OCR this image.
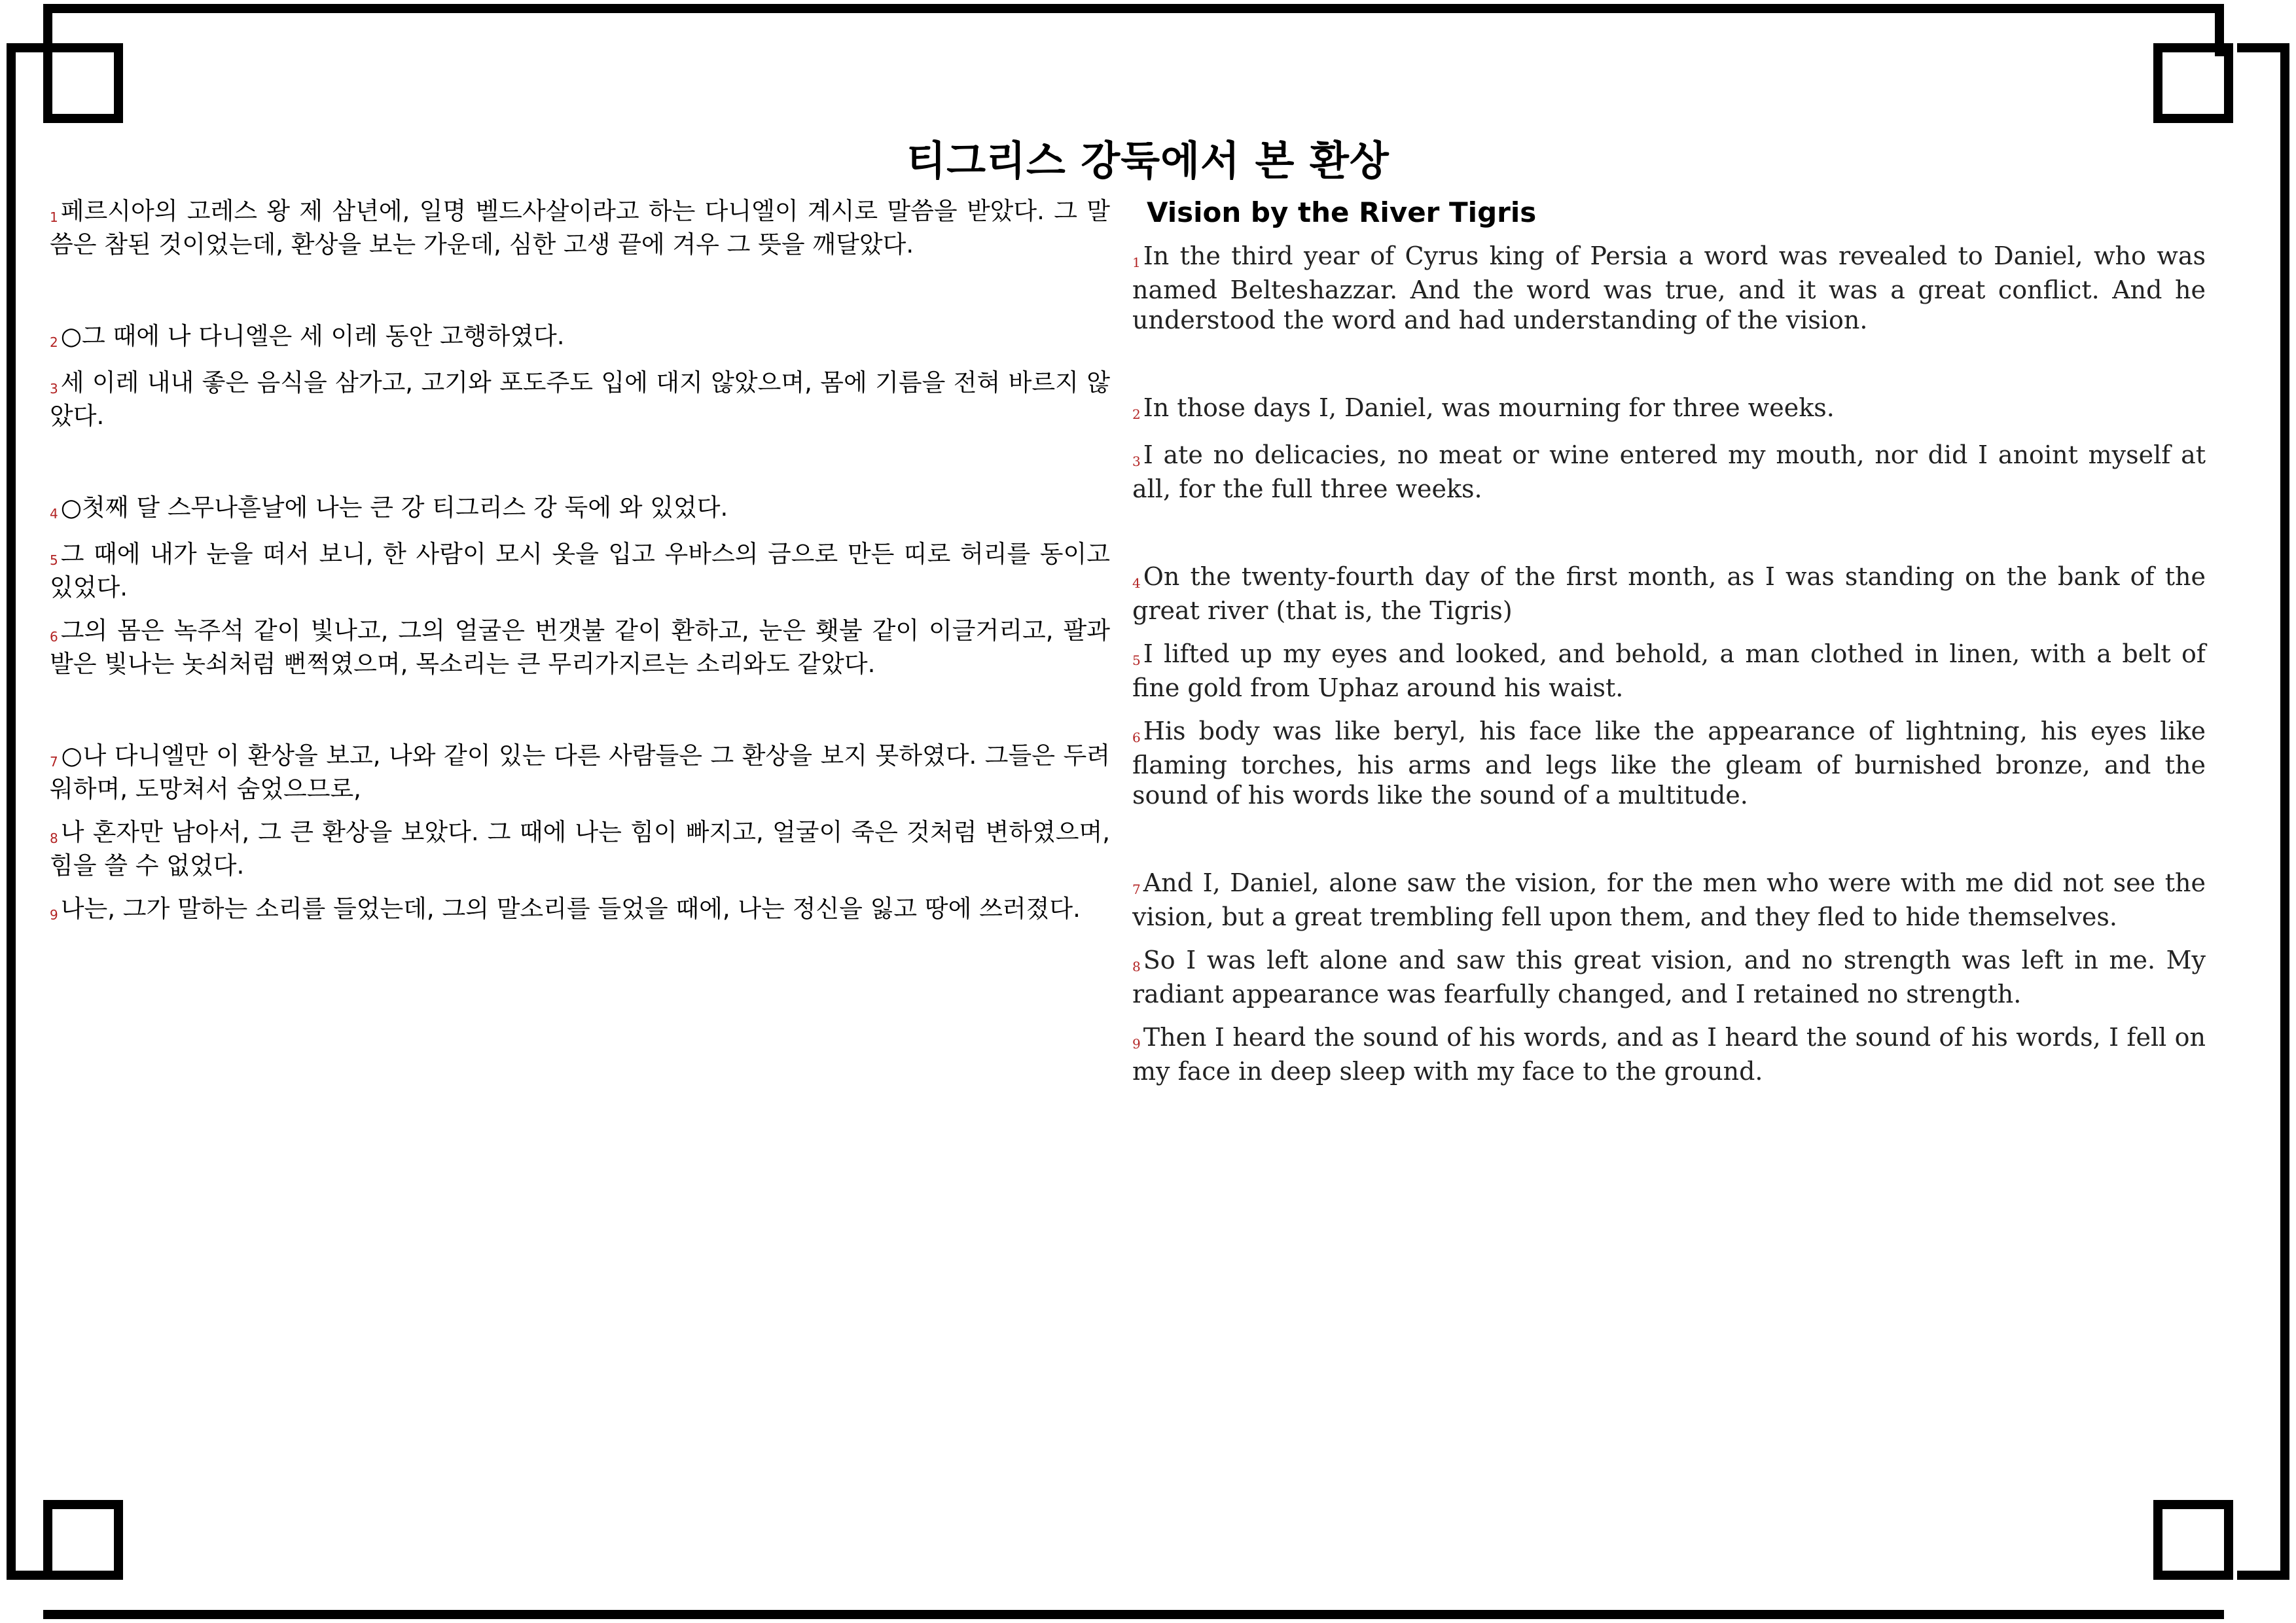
티그리스 강둑에서 본 환상

1 페르시아의 고레스 왕 제 삼년에, 일명 벨드사살이라고 하는 다니엘이 계시로 말씀을 받았다. 그 말씀은 참된 것이었는데, 환상을 보는 가운데, 심한 고생 끝에 겨우 그 뜻을 깨달았다.

2 ○그 때에 나 다니엘은 세 이레 동안 고행하였다.

3 세 이레 내내 좋은 음식을 삼가고, 고기와 포도주도 입에 대지 않았으며, 몸에 기름을 전혀 바르지 않았다.

4 ○첫째 달 스무나흗날에 나는 큰 강 티그리스 강 둑에 와 있었다.

5 그 때에 내가 눈을 떠서 보니, 한 사람이 모시 옷을 입고 우바스의 금으로 만든 띠로 허리를 동이고 있었다.

6 그의 몸은 녹주석 같이 빛나고, 그의 얼굴은 번갯불 같이 환하고, 눈은 횃불 같이 이글거리고, 팔과 발은 빛나는 놋쇠처럼 뻔쩍였으며, 목소리는 큰 무리가지르는 소리와도 같았다.

7 ○나 다니엘만 이 환상을 보고, 나와 같이 있는 다른 사람들은 그 환상을 보지 못하였다. 그들은 두려워하며, 도망쳐서 숨었으므로,

8 나 혼자만 남아서, 그 큰 환상을 보았다. 그 때에 나는 힘이 빠지고, 얼굴이 죽은 것처럼 변하였으며, 힘을 쓸 수 없었다.

9 나는, 그가 말하는 소리를 들었는데, 그의 말소리를 들었을 때에, 나는 정신을 잃고 땅에 쓰러졌다.

Vision by the River Tigris

1 In the third year of Cyrus king of Persia a word was revealed to Daniel, who was named Belteshazzar. And the word was true, and it was a great conflict. And he understood the word and had understanding of the vision.

2 In those days I, Daniel, was mourning for three weeks.

3 I ate no delicacies, no meat or wine entered my mouth, nor did I anoint myself at all, for the full three weeks.

4 On the twenty-fourth day of the first month, as I was standing on the bank of the great river (that is, the Tigris)

5 I lifted up my eyes and looked, and behold, a man clothed in linen, with a belt of fine gold from Uphaz around his waist.

6 His body was like beryl, his face like the appearance of lightning, his eyes like flaming torches, his arms and legs like the gleam of burnished bronze, and the sound of his words like the sound of a multitude.

7 And I, Daniel, alone saw the vision, for the men who were with me did not see the vision, but a great trembling fell upon them, and they fled to hide themselves.

8 So I was left alone and saw this great vision, and no strength was left in me. My radiant appearance was fearfully changed, and I retained no strength.

9 Then I heard the sound of his words, and as I heard the sound of his words, I fell on my face in deep sleep with my face to the ground.
